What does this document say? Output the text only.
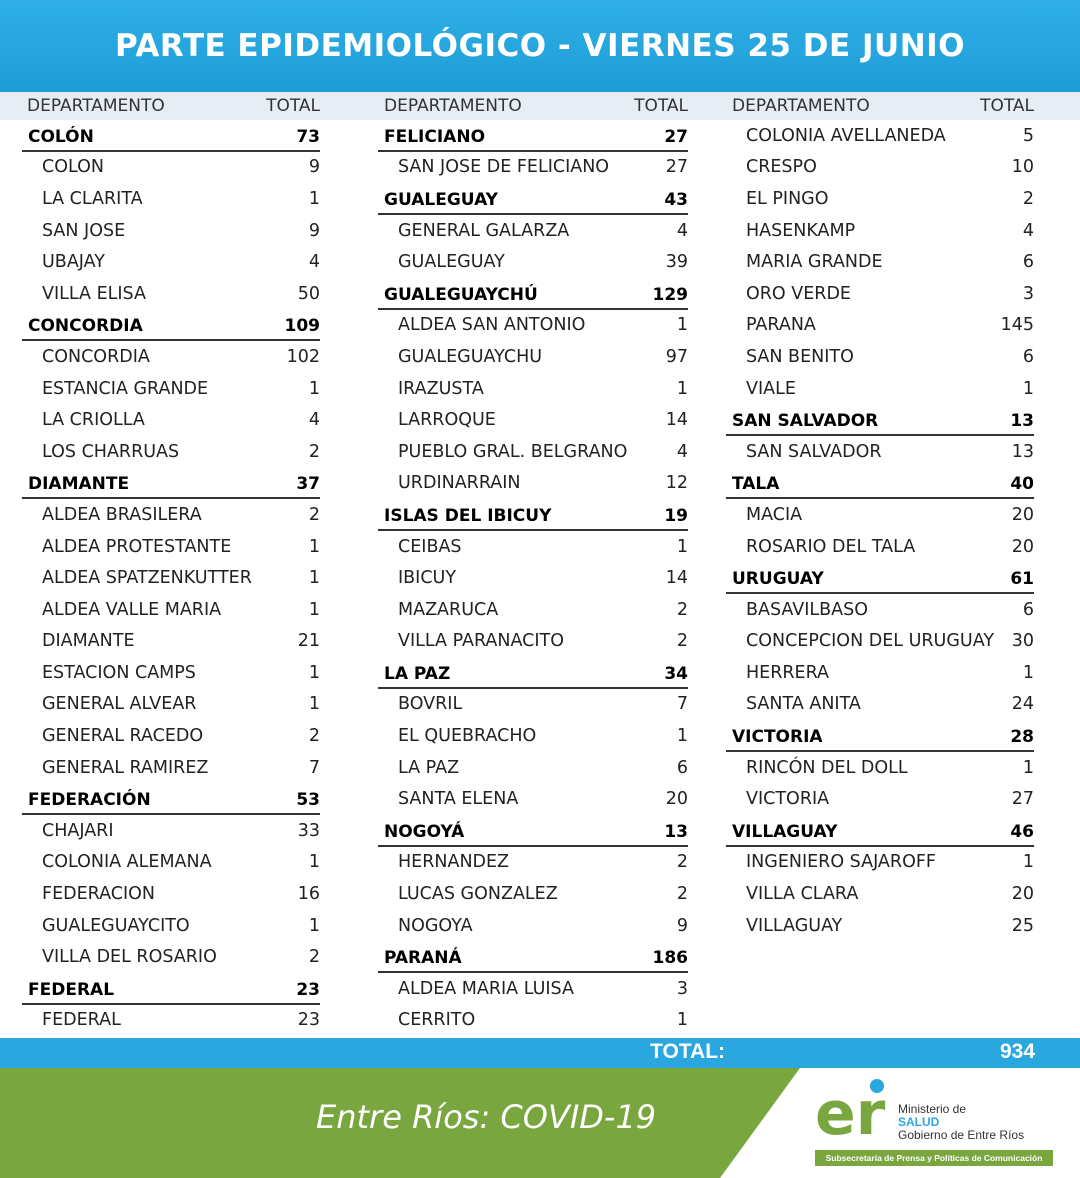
PARTE EPIDEMIOLÓGICO - VIERNES 25 DE JUNIO
DEPARTAMENTO	TOTAL
COLÓN	73
COLON	9
LA CLARITA	1
SAN JOSE	9
UBAJAY	4
VILLA ELISA	50
CONCORDIA	109
CONCORDIA	102
ESTANCIA GRANDE	1
LA CRIOLLA	4
LOS CHARRUAS	2
DIAMANTE	37
ALDEA BRASILERA	2
ALDEA PROTESTANTE	1
ALDEA SPATZENKUTTER	1
ALDEA VALLE MARIA	1
DIAMANTE	21
ESTACION CAMPS	1
GENERAL ALVEAR	1
GENERAL RACEDO	2
GENERAL RAMIREZ	7
FEDERACIÓN	53
CHAJARI	33
COLONIA ALEMANA	1
FEDERACION	16
GUALEGUAYCITO	1
VILLA DEL ROSARIO	2
FEDERAL	23
FEDERAL	23
DEPARTAMENTO	TOTAL
FELICIANO	27
SAN JOSE DE FELICIANO	27
GUALEGUAY	43
GENERAL GALARZA	4
GUALEGUAY	39
GUALEGUAYCHÚ	129
ALDEA SAN ANTONIO	1
GUALEGUAYCHU	97
IRAZUSTA	1
LARROQUE	14
PUEBLO GRAL. BELGRANO	4
URDINARRAIN	12
ISLAS DEL IBICUY	19
CEIBAS	1
IBICUY	14
MAZARUCA	2
VILLA PARANACITO	2
LA PAZ	34
BOVRIL	7
EL QUEBRACHO	1
LA PAZ	6
SANTA ELENA	20
NOGOYÁ	13
HERNANDEZ	2
LUCAS GONZALEZ	2
NOGOYA	9
PARANÁ	186
ALDEA MARIA LUISA	3
CERRITO	1
DEPARTAMENTO	TOTAL
COLONIA AVELLANEDA	5
CRESPO	10
EL PINGO	2
HASENKAMP	4
MARIA GRANDE	6
ORO VERDE	3
PARANA	145
SAN BENITO	6
VIALE	1
SAN SALVADOR	13
SAN SALVADOR	13
TALA	40
MACIA	20
ROSARIO DEL TALA	20
URUGUAY	61
BASAVILBASO	6
CONCEPCION DEL URUGUAY 30
HERRERA	1
SANTA ANITA	24
VICTORIA	28
RINCÓN DEL DOLL	1
VICTORIA	27
VILLAGUAY	46
INGENIERO SAJAROFF	1
VILLA CLARA	20
VILLAGUAY	25
TOTAL:	934
Entre Ríos: COVID-19	er Ministerio de
SALUD
Gobierno de Entre Ríos
Subsecretaría de Prensa y Políticas de Comunicación
